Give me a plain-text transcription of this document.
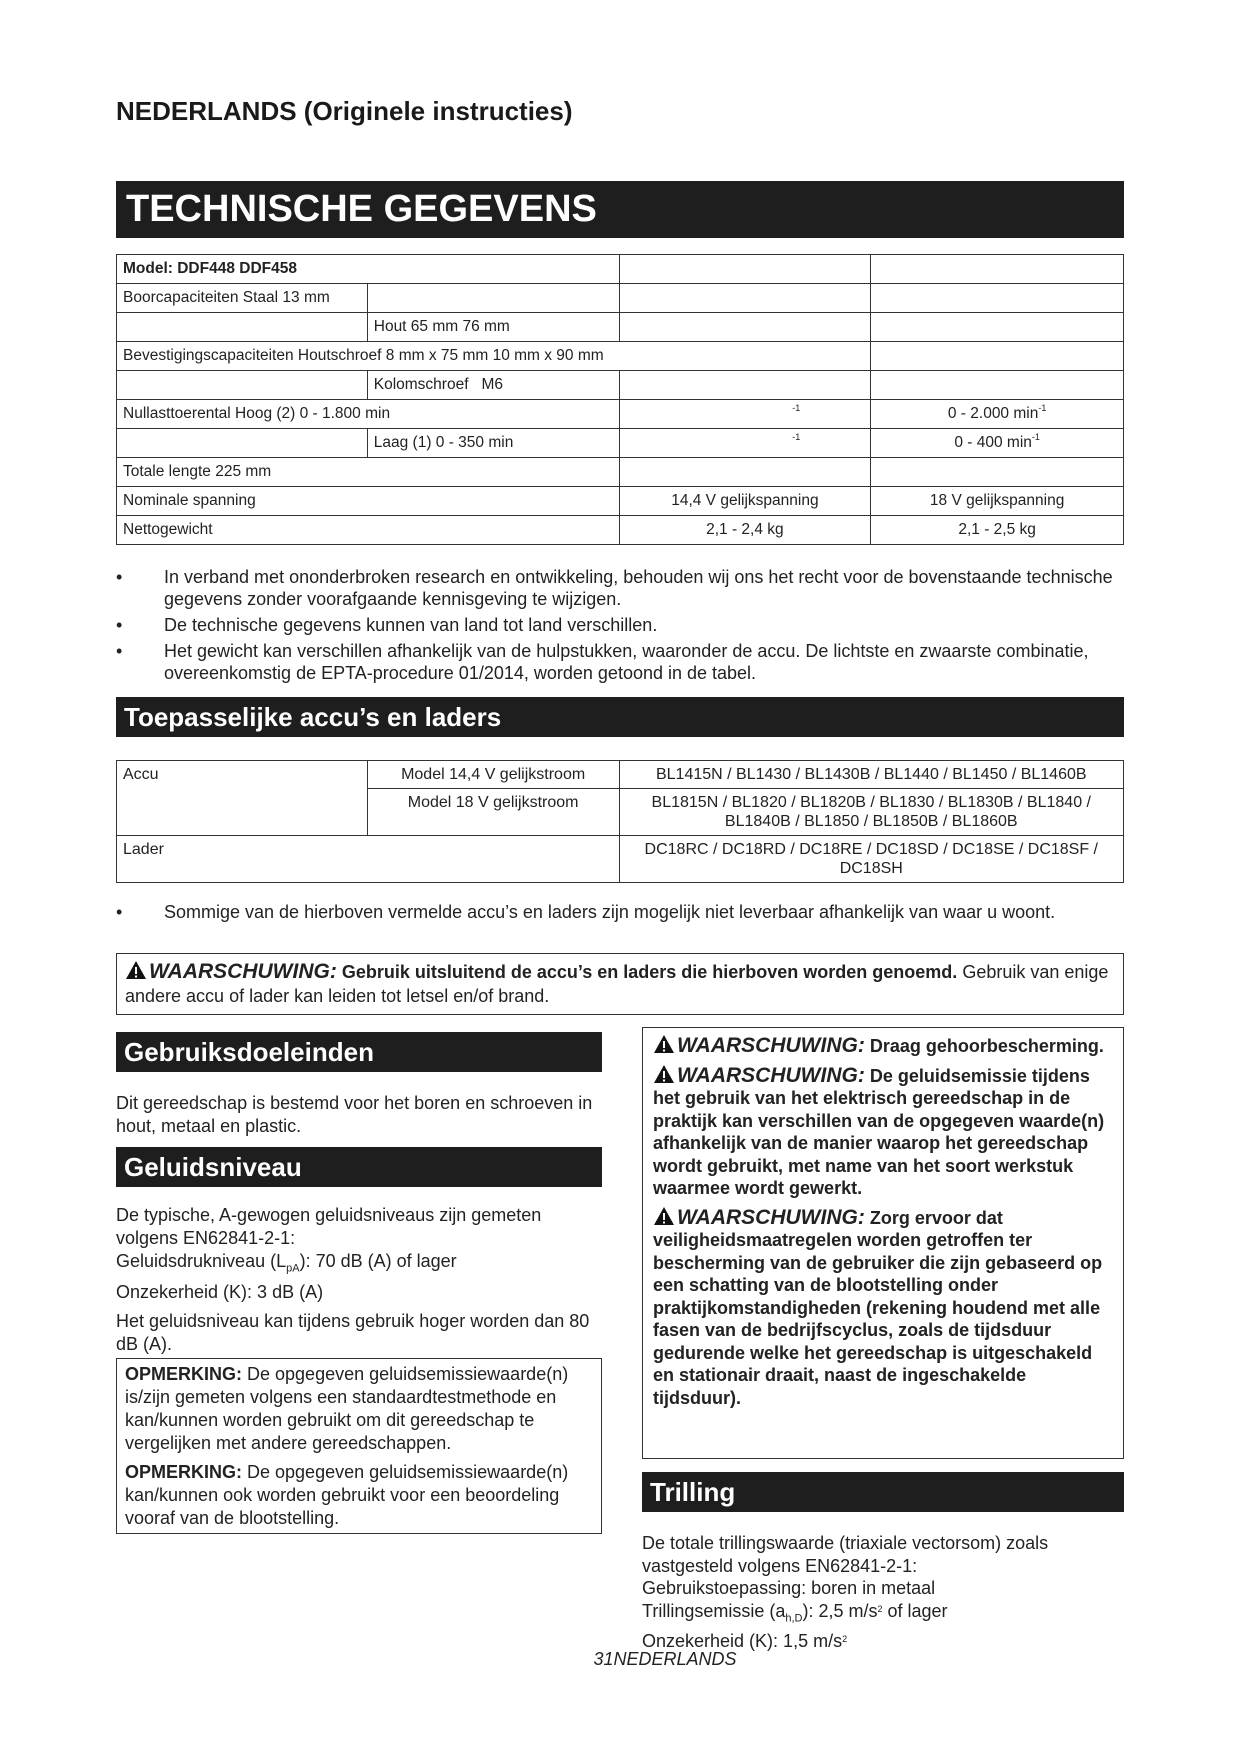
NEDERLANDS (Originele instructies)
TECHNISCHE GEGEVENS
Model: DDF448 DDF458			
Boorcapaciteiten Staal 13 mm			
	Hout 65 mm 76 mm		
Bevestigingscapaciteiten Houtschroef 8 mm x 75 mm 10 mm x 90 mm			
	Kolomschroef M6		
Nullasttoerental Hoog (2) 0 - 1.800 min		$^{-1}$	0 - 2.000 $\min^{-1}$
	Laag (1) 0 - 350 min	$^{-1}$	0 - 400 $\min^{-1}$
Totale lengte 225 mm			
Nominale spanning		14,4 V gelijkspanning	18 V gelijkspanning
Nettogewicht		2,1 - 2,4 kg	2,1 - 2,5 kg
• In verband met ononderbroken research en ontwikkeling, behouden wij ons het recht voor de bovenstaande technische gegevens zonder voorafgaande kennisgeving te wijzigen.
• De technische gegevens kunnen van land tot land verschillen.
• Het gewicht kan verschillen afhankelijk van de hulpstukken, waaronder de accu. De lichtste en zwaarste combinatie, overeenkomstig de EPTA-procedure 01/2014, worden getoond in de tabel.
Toepasselijke accu’s en laders
Accu	Model 14,4 V gelijkstroom	BL1415N / BL1430 / BL1430B / BL1440 / BL1450 / BL1460B
	Model 18 V gelijkstroom	BL1815N / BL1820 / BL1820B / BL1830 / BL1830B / BL1840 / BL1840B / BL1850 / BL1850B / BL1860B
Lader		DC18RC / DC18RD / DC18RE / DC18SD / DC18SE / DC18SF / DC18SH
• Sommige van de hierboven vermelde accu’s en laders zijn mogelijk niet leverbaar afhankelijk van waar u woont.
WAARSCHUWING: Gebruik uitsluitend de accu’s en laders die hierboven worden genoemd. Gebruik van enige andere accu of lader kan leiden tot letsel en/of brand.
Gebruiksdoeleinden
Dit gereedschap is bestemd voor het boren en schroeven in hout, metaal en plastic.
Geluidsniveau
De typische, A-gewogen geluidsniveaus zijn gemeten volgens EN62841-2-1:
Geluidsdrukniveau $(L_{pA})$: 70 dB (A) of lager
Onzekerheid (K): 3 dB (A)
Het geluidsniveau kan tijdens gebruik hoger worden dan 80 dB (A).
OPMERKING: De opgegeven geluidsemissiewaarde(n) is/zijn gemeten volgens een standaardtestmethode en kan/kunnen worden gebruikt om dit gereedschap te vergelijken met andere gereedschappen.
OPMERKING: De opgegeven geluidsemissiewaarde(n) kan/kunnen ook worden gebruikt voor een beoordeling vooraf van de blootstelling.
WAARSCHUWING: Draag gehoorbescherming.
WAARSCHUWING: De geluidsemissie tijdens het gebruik van het elektrisch gereedschap in de praktijk kan verschillen van de opgegeven waarde(n) afhankelijk van de manier waarop het gereedschap wordt gebruikt, met name van het soort werkstuk waarmee wordt gewerkt.
WAARSCHUWING: Zorg ervoor dat veiligheidsmaatregelen worden getroffen ter bescherming van de gebruiker die zijn gebaseerd op een schatting van de blootstelling onder praktijkomstandigheden (rekening houdend met alle fasen van de bedrijfscyclus, zoals de tijdsduur gedurende welke het gereedschap is uitgeschakeld en stationair draait, naast de ingeschakelde tijdsduur).
Trilling
De totale trillingswaarde (triaxiale vectorsom) zoals vastgesteld volgens EN62841-2-1:
Gebruikstoepassing: boren in metaal
Trillingsemissie $(a_{h,D})$: 2,5 $m/s^2$ of lager
Onzekerheid (K): 1,5 $m/s^2$
31NEDERLANDS
